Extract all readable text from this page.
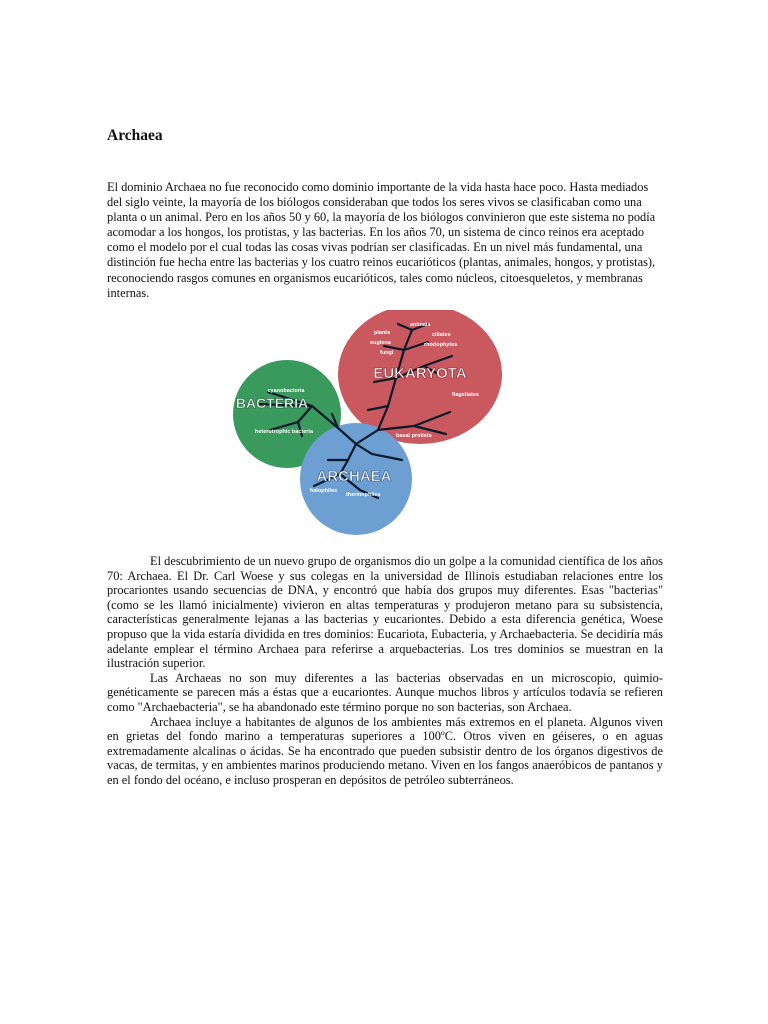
Archaea

El dominio Archaea no fue reconocido como dominio importante de la vida hasta hace poco. Hasta mediados del siglo veinte, la mayoría de los biólogos consideraban que todos los seres vivos se clasificaban como una planta o un animal. Pero en los años 50 y 60, la mayoría de los biólogos convinieron que este sistema no podía acomodar a los hongos, los protistas, y las bacterias. En los años 70, un sistema de cinco reinos era aceptado como el modelo por el cual todas las cosas vivas podrían ser clasificadas. En un nivel más fundamental, una distinción fue hecha entre las bacterias y los cuatro reinos eucarióticos (plantas, animales, hongos, y protistas), reconociendo rasgos comunes en organismos eucarióticos, tales como núcleos, citoesqueletos, y membranas internas.

EUKARYOTA
animals
plants	ciliates
euglena	rhodophytes
fungi
flagellates
basal protists
cyanobacteria
BACTERIA
heterotrophic bacteria
ARCHAEA
halophiles
thermophiles

El descubrimiento de un nuevo grupo de organismos dio un golpe a la comunidad científica de los años 70: Archaea. El Dr. Carl Woese y sus colegas en la universidad de Illinois estudiaban relaciones entre los procariontes usando secuencias de DNA, y encontró que había dos grupos muy diferentes. Esas "bacterias" (como se les llamó inicialmente) vivieron en altas temperaturas y produjeron metano para su subsistencia, características generalmente lejanas a las bacterias y eucariontes. Debido a esta diferencia genética, Woese propuso que la vida estaría dividida en tres dominios: Eucariota, Eubacteria, y Archaebacteria. Se decidiría más adelante emplear el término Archaea para referirse a arquebacterias. Los tres dominios se muestran en la ilustración superior.

Las Archaeas no son muy diferentes a las bacterias observadas en un microscopio, quimio-genéticamente se parecen más a éstas que a eucariontes. Aunque muchos libros y artículos todavía se refieren como "Archaebacteria", se ha abandonado este término porque no son bacterias, son Archaea.

Archaea incluye a habitantes de algunos de los ambientes más extremos en el planeta. Algunos viven en grietas del fondo marino a temperaturas superiores a 100ºC. Otros viven en géiseres, o en aguas extremadamente alcalinas o ácidas. Se ha encontrado que pueden subsistir dentro de los órganos digestivos de vacas, de termitas, y en ambientes marinos produciendo metano. Viven en los fangos anaeróbicos de pantanos y en el fondo del océano, e incluso prosperan en depósitos de petróleo subterráneos.
